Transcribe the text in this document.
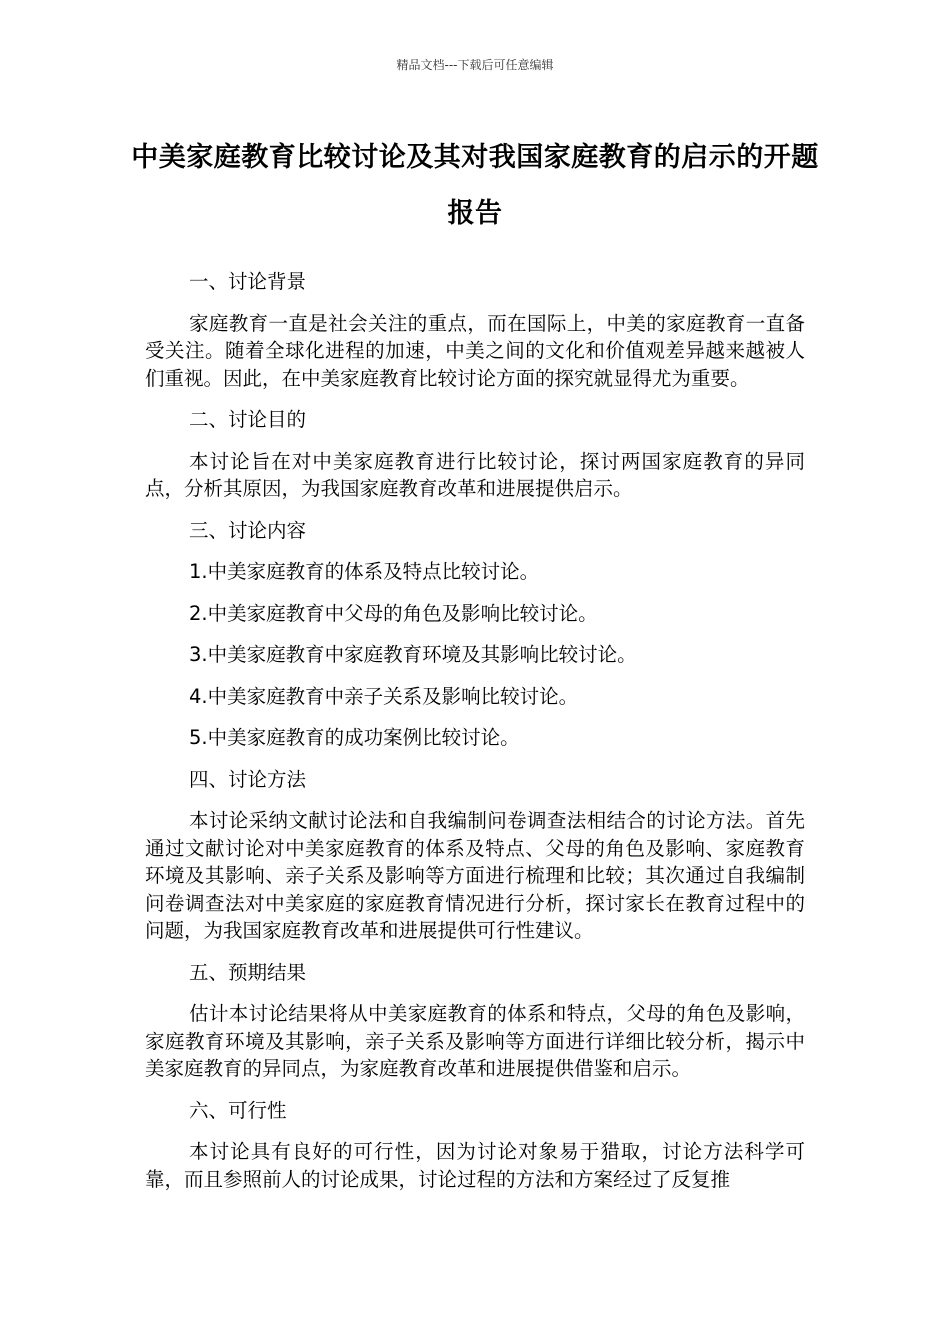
精品文档---下载后可任意编辑
中美家庭教育比较讨论及其对我国家庭教育的启示的开题报告

一、讨论背景

家庭教育一直是社会关注的重点，而在国际上，中美的家庭教育一直备受关注。随着全球化进程的加速，中美之间的文化和价值观差异越来越被人们重视。因此，在中美家庭教育比较讨论方面的探究就显得尤为重要。

二、讨论目的

本讨论旨在对中美家庭教育进行比较讨论，探讨两国家庭教育的异同点，分析其原因，为我国家庭教育改革和进展提供启示。

三、讨论内容

1.中美家庭教育的体系及特点比较讨论。

2.中美家庭教育中父母的角色及影响比较讨论。

3.中美家庭教育中家庭教育环境及其影响比较讨论。

4.中美家庭教育中亲子关系及影响比较讨论。

5.中美家庭教育的成功案例比较讨论。

四、讨论方法

本讨论采纳文献讨论法和自我编制问卷调查法相结合的讨论方法。首先通过文献讨论对中美家庭教育的体系及特点、父母的角色及影响、家庭教育环境及其影响、亲子关系及影响等方面进行梳理和比较；其次通过自我编制问卷调查法对中美家庭的家庭教育情况进行分析，探讨家长在教育过程中的问题，为我国家庭教育改革和进展提供可行性建议。

五、预期结果

估计本讨论结果将从中美家庭教育的体系和特点，父母的角色及影响，家庭教育环境及其影响，亲子关系及影响等方面进行详细比较分析，揭示中美家庭教育的异同点，为家庭教育改革和进展提供借鉴和启示。

六、可行性

本讨论具有良好的可行性，因为讨论对象易于猎取，讨论方法科学可靠，而且参照前人的讨论成果，讨论过程的方法和方案经过了反复推
